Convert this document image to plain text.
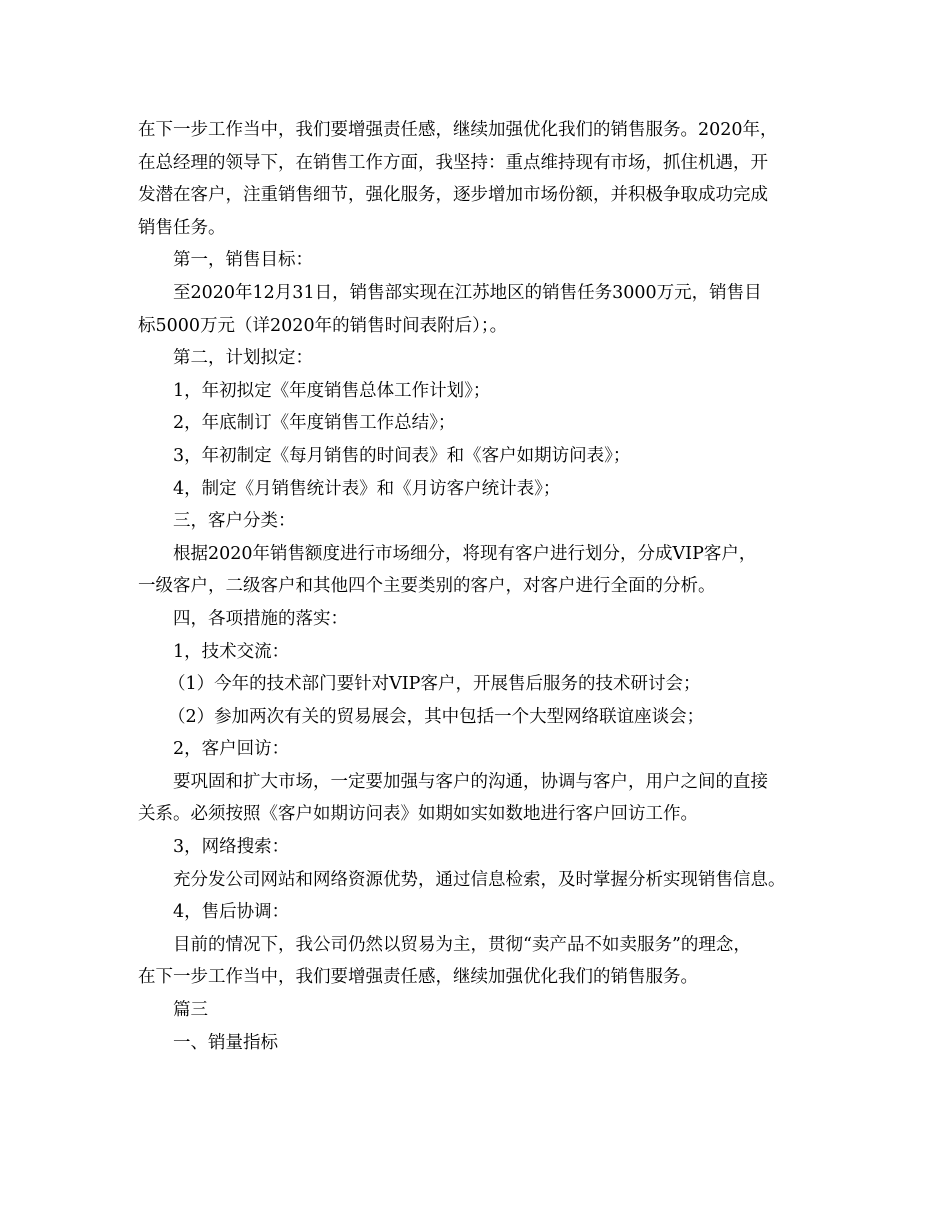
在下一步工作当中，我们要增强责任感，继续加强优化我们的销售服务。2020年，
在总经理的领导下，在销售工作方面，我坚持：重点维持现有市场，抓住机遇，开
发潜在客户，注重销售细节，强化服务，逐步增加市场份额，并积极争取成功完成
销售任务。
第一，销售目标：
至2020年12月31日，销售部实现在江苏地区的销售任务3000万元，销售目
标5000万元（详2020年的销售时间表附后）；。
第二，计划拟定：
1，年初拟定《年度销售总体工作计划》；
2，年底制订《年度销售工作总结》；
3，年初制定《每月销售的时间表》和《客户如期访问表》；
4，制定《月销售统计表》和《月访客户统计表》；
三，客户分类：
根据2020年销售额度进行市场细分，将现有客户进行划分，分成VIP客户，
一级客户，二级客户和其他四个主要类别的客户，对客户进行全面的分析。
四，各项措施的落实：
1，技术交流：
（1）今年的技术部门要针对VIP客户，开展售后服务的技术研讨会；
（2）参加两次有关的贸易展会，其中包括一个大型网络联谊座谈会；
2，客户回访：
要巩固和扩大市场，一定要加强与客户的沟通，协调与客户，用户之间的直接
关系。必须按照《客户如期访问表》如期如实如数地进行客户回访工作。
3，网络搜索：
充分发公司网站和网络资源优势，通过信息检索，及时掌握分析实现销售信息。
4，售后协调：
目前的情况下，我公司仍然以贸易为主，贯彻“卖产品不如卖服务”的理念，
在下一步工作当中，我们要增强责任感，继续加强优化我们的销售服务。
篇三
一、销量指标
